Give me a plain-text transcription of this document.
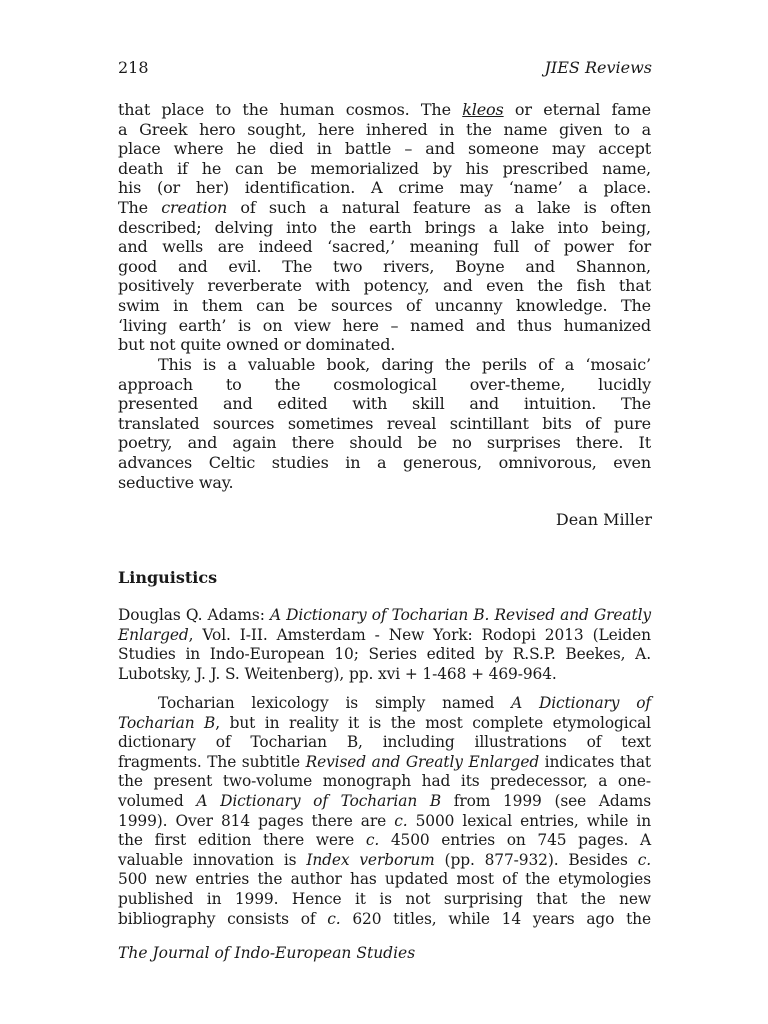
218	JIES Reviews
that place to the human cosmos. The kleos or eternal fame
a Greek hero sought, here inhered in the name given to a
place where he died in battle – and someone may accept
death if he can be memorialized by his prescribed name,
his (or her) identification. A crime may ‘name’ a place.
The creation of such a natural feature as a lake is often
described; delving into the earth brings a lake into being,
and wells are indeed ‘sacred,’ meaning full of power for
good and evil. The two rivers, Boyne and Shannon,
positively reverberate with potency, and even the fish that
swim in them can be sources of uncanny knowledge. The
‘living earth’ is on view here – named and thus humanized
but not quite owned or dominated.
This is a valuable book, daring the perils of a ‘mosaic’
approach to the cosmological over-theme, lucidly
presented and edited with skill and intuition. The
translated sources sometimes reveal scintillant bits of pure
poetry, and again there should be no surprises there. It
advances Celtic studies in a generous, omnivorous, even
seductive way.
Dean Miller
Linguistics
Douglas Q. Adams: A Dictionary of Tocharian B. Revised and Greatly
Enlarged, Vol. I-II. Amsterdam - New York: Rodopi 2013 (Leiden
Studies in Indo-European 10; Series edited by R.S.P. Beekes, A.
Lubotsky, J. J. S. Weitenberg), pp. xvi + 1-468 + 469-964.
Tocharian lexicology is simply named A Dictionary of
Tocharian B, but in reality it is the most complete etymological
dictionary of Tocharian B, including illustrations of text
fragments. The subtitle Revised and Greatly Enlarged indicates that
the present two-volume monograph had its predecessor, a one-
volumed A Dictionary of Tocharian B from 1999 (see Adams
1999). Over 814 pages there are c. 5000 lexical entries, while in
the first edition there were c. 4500 entries on 745 pages. A
valuable innovation is Index verborum (pp. 877-932). Besides c.
500 new entries the author has updated most of the etymologies
published in 1999. Hence it is not surprising that the new
bibliography consists of c. 620 titles, while 14 years ago the
The Journal of Indo-European Studies
